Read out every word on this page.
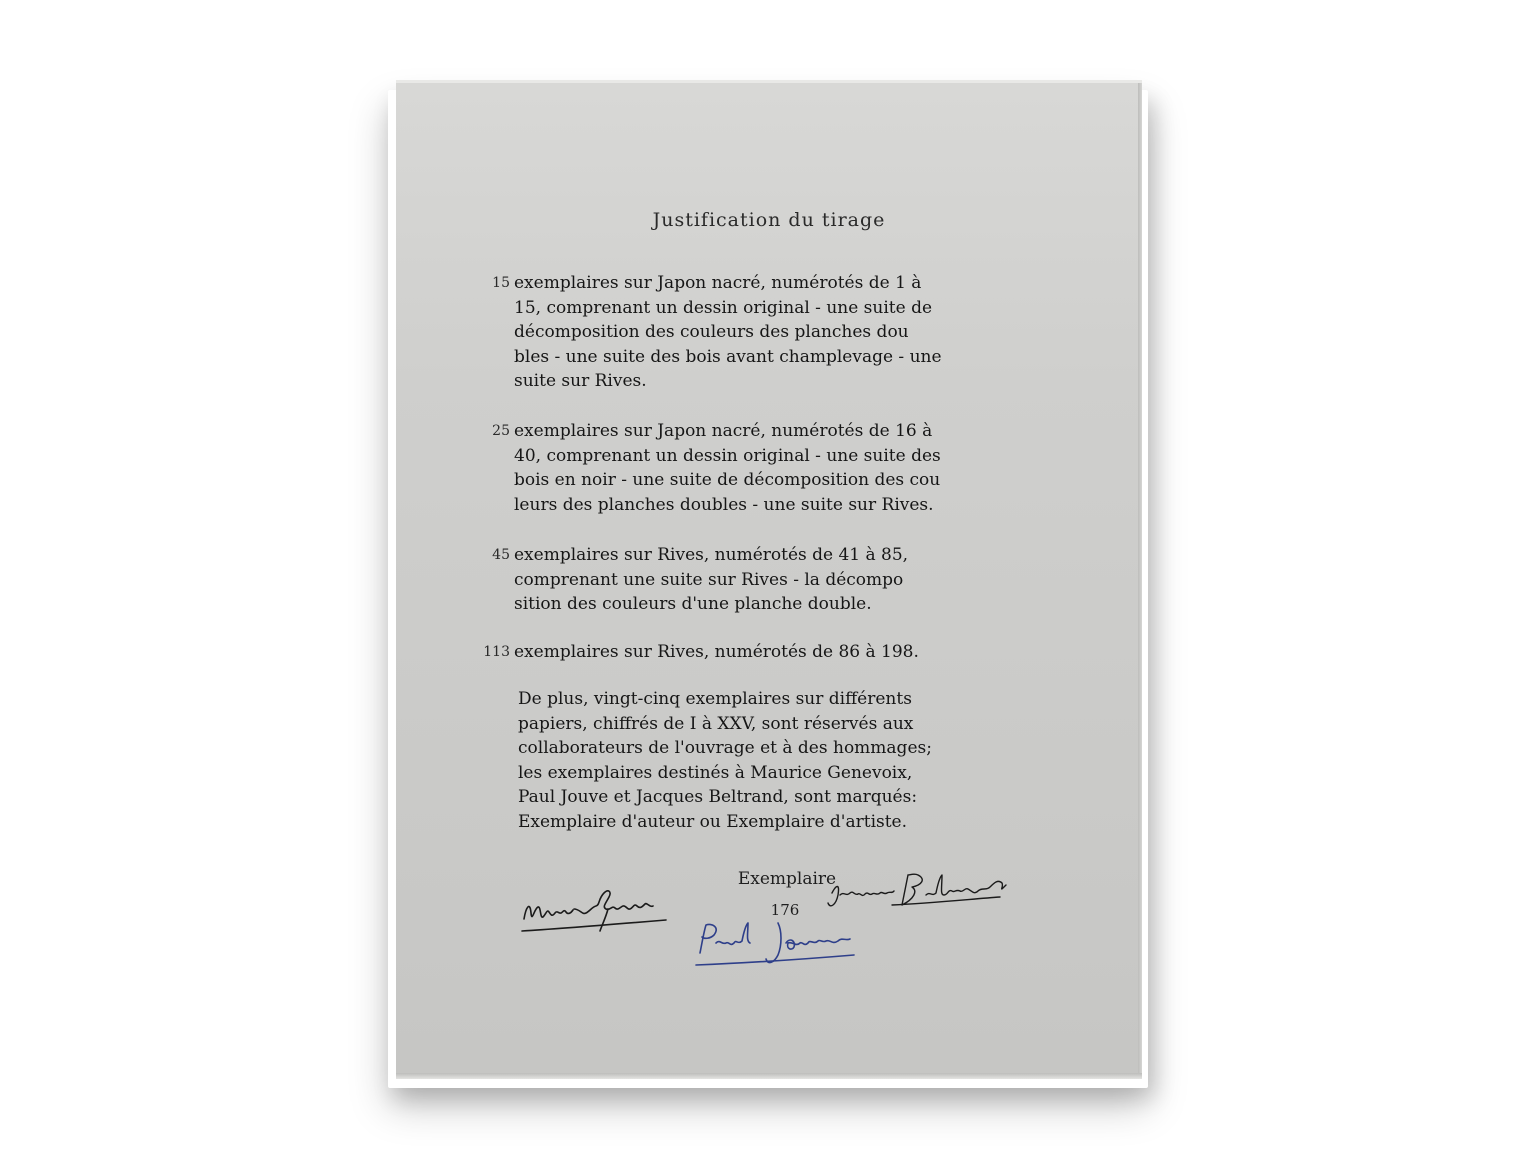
Justification du tirage
15 exemplaires sur Japon nacré, numérotés de 1 à
15, comprenant un dessin original - une suite de
décomposition des couleurs des planches dou
bles - une suite des bois avant champlevage - une
suite sur Rives.
25 exemplaires sur Japon nacré, numérotés de 16 à
40, comprenant un dessin original - une suite des
bois en noir - une suite de décomposition des cou
leurs des planches doubles - une suite sur Rives.
45 exemplaires sur Rives, numérotés de 41 à 85,
comprenant une suite sur Rives - la décompo
sition des couleurs d'une planche double.
113 exemplaires sur Rives, numérotés de 86 à 198.
De plus, vingt-cinq exemplaires sur différents
papiers, chiffrés de I à XXV, sont réservés aux
collaborateurs de l'ouvrage et à des hommages;
les exemplaires destinés à Maurice Genevoix,
Paul Jouve et Jacques Beltrand, sont marqués:
Exemplaire d'auteur ou Exemplaire d'artiste.
Exemplaire
176
